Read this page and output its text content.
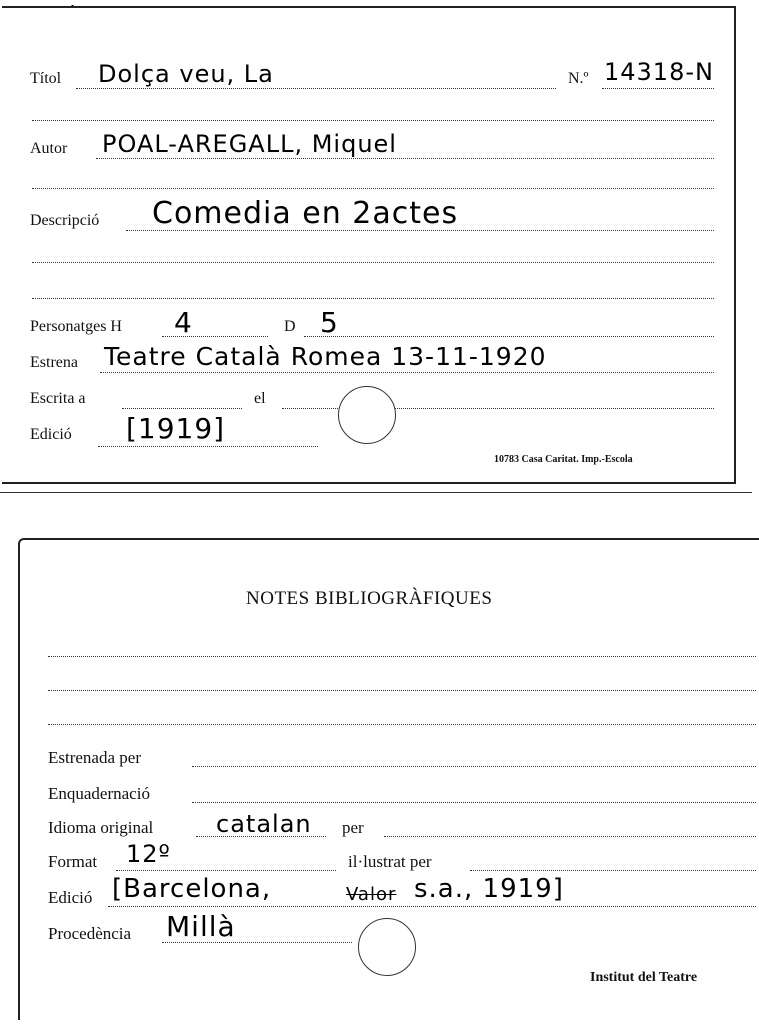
Títol Dolça veu, La	N.º 14318-N
Autor POAL-AREGALL, Miquel
Descripció Comedia en 2actes
Personatges H 4	D 5
Estrena Teatre Català Romea 13-11-1920
Escrita a	el
Edició [1919]
10783 Casa Caritat. Imp.-Escola
NOTES BIBLIOGRÀFIQUES
Estrenada per
Enquadernació
Idioma original	catalan per
Format 12º	il·lustrat per
Edició [Barcelona,	Valor s.a., 1919]
Procedència Millà
Institut del Teatre
